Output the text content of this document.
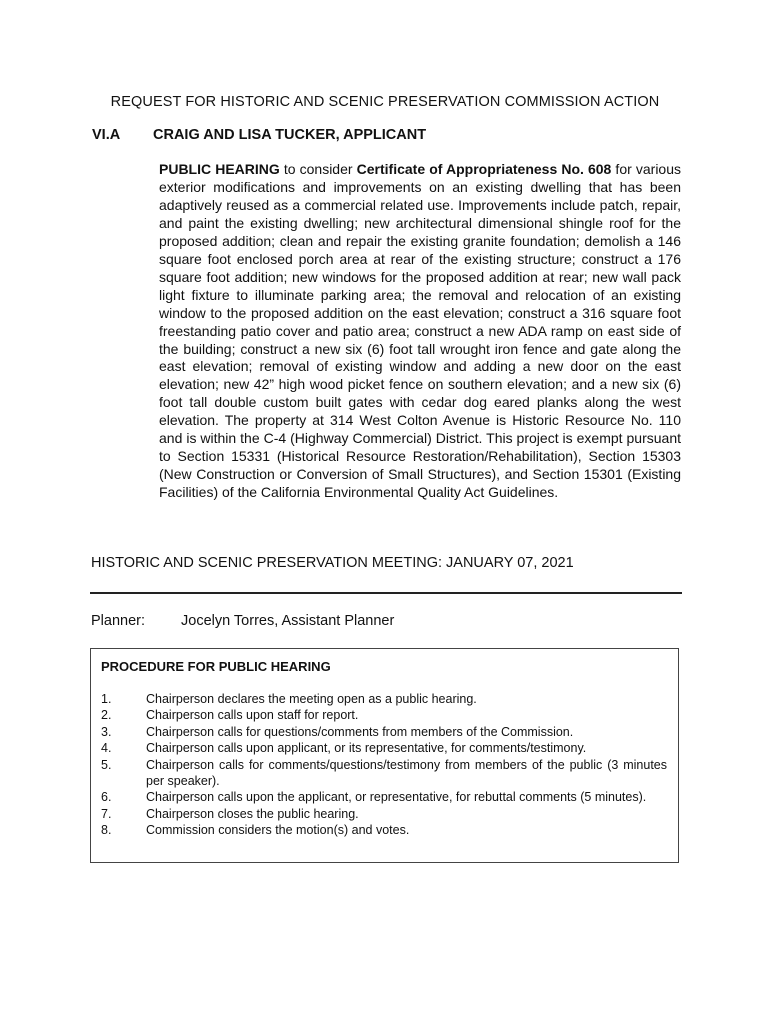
REQUEST FOR HISTORIC AND SCENIC PRESERVATION COMMISSION ACTION
VI.A CRAIG AND LISA TUCKER, APPLICANT
PUBLIC HEARING to consider Certificate of Appropriateness No. 608 for various exterior modifications and improvements on an existing dwelling that has been adaptively reused as a commercial related use. Improvements include patch, repair, and paint the existing dwelling; new architectural dimensional shingle roof for the proposed addition; clean and repair the existing granite foundation; demolish a 146 square foot enclosed porch area at rear of the existing structure; construct a 176 square foot addition; new windows for the proposed addition at rear; new wall pack light fixture to illuminate parking area; the removal and relocation of an existing window to the proposed addition on the east elevation; construct a 316 square foot freestanding patio cover and patio area; construct a new ADA ramp on east side of the building; construct a new six (6) foot tall wrought iron fence and gate along the east elevation; removal of existing window and adding a new door on the east elevation; new 42” high wood picket fence on southern elevation; and a new six (6) foot tall double custom built gates with cedar dog eared planks along the west elevation. The property at 314 West Colton Avenue is Historic Resource No. 110 and is within the C-4 (Highway Commercial) District. This project is exempt pursuant to Section 15331 (Historical Resource Restoration/Rehabilitation), Section 15303 (New Construction or Conversion of Small Structures), and Section 15301 (Existing Facilities) of the California Environmental Quality Act Guidelines.
HISTORIC AND SCENIC PRESERVATION MEETING: JANUARY 07, 2021
Planner: Jocelyn Torres, Assistant Planner
PROCEDURE FOR PUBLIC HEARING
1.	Chairperson declares the meeting open as a public hearing.
2.	Chairperson calls upon staff for report.
3.	Chairperson calls for questions/comments from members of the Commission.
4.	Chairperson calls upon applicant, or its representative, for comments/testimony.
5.	Chairperson calls for comments/questions/testimony from members of the public (3 minutes per speaker).
6.	Chairperson calls upon the applicant, or representative, for rebuttal comments (5 minutes).
7.	Chairperson closes the public hearing.
8.	Commission considers the motion(s) and votes.
